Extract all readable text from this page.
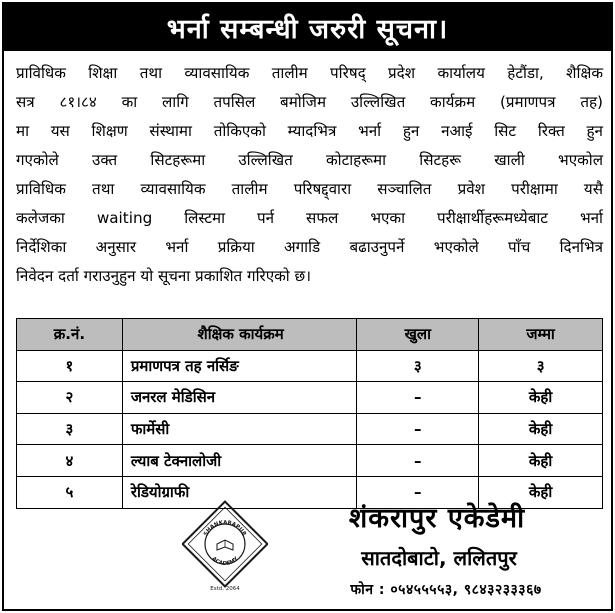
भर्ना सम्बन्धी जरुरी सूचना।
प्राविधिक शिक्षा तथा व्यावसायिक तालीम परिषद् प्रदेश कार्यालय हेटौंडा, शैक्षिक
सत्र ८१।८४ का लागि तपसिल बमोजिम उल्लिखित कार्यक्रम (प्रमाणपत्र तह)
मा यस शिक्षण संस्थामा तोकिएको म्यादभित्र भर्ना हुन नआई सिट रिक्त हुन
गएकोले उक्त सिटहरूमा उल्लिखित कोटाहरूमा सिटहरू खाली भएकोल
प्राविधिक तथा व्यावसायिक तालीम परिषद्द्वारा सञ्चालित प्रवेश परीक्षामा यसै
कलेजका waiting लिस्टमा पर्न सफल भएका परीक्षार्थीहरूमध्येबाट भर्ना
निर्देशिका अनुसार भर्ना प्रक्रिया अगाडि बढाउनुपर्ने भएकोले पाँच दिनभित्र
निवेदन दर्ता गराउनुहुन यो सूचना प्रकाशित गरिएको छ।
क्र.नं.	शैक्षिक कार्यक्रम	खुला	जम्मा
१	प्रमाणपत्र तह नर्सिङ	३	३
२	जनरल मेडिसिन	–	केही
३	फार्मेसी	–	केही
४	ल्याब टेक्नालोजी	–	केही
५	रेडियोग्राफी	–	केही
SHANKARAPUR
ACADEMY
Estd. 2064
शंकरापुर एकेडेमी
सातदोबाटो, ललितपुर
फोन : ०५४५५५५३, ९८४३२३३३६७
